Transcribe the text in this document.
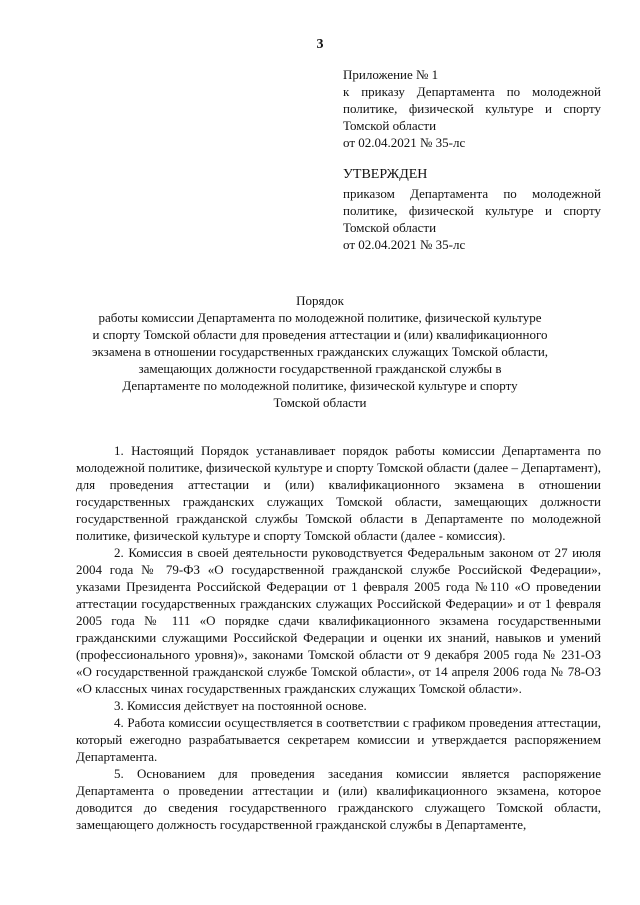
3
Приложение № 1
к приказу Департамента по молодежной
политике, физической культуре и спорту
Томской области
от 02.04.2021 № 35-лс
УТВЕРЖДЕН
приказом Департамента по молодежной
политике, физической культуре и спорту
Томской области
от 02.04.2021 № 35-лс
Порядок
работы комиссии Департамента по молодежной политике, физической культуре
и спорту Томской области для проведения аттестации и (или) квалификационного
экзамена в отношении государственных гражданских служащих Томской области,
замещающих должности государственной гражданской службы в
Департаменте по молодежной политике, физической культуре и спорту
Томской области

1. Настоящий Порядок устанавливает порядок работы комиссии Департамента по молодежной политике, физической культуре и спорту Томской области (далее – Департамент), для проведения аттестации и (или) квалификационного экзамена в отношении государственных гражданских служащих Томской области, замещающих должности государственной гражданской службы Томской области в Департаменте по молодежной политике, физической культуре и спорту Томской области (далее - комиссия).

2. Комиссия в своей деятельности руководствуется Федеральным законом от 27 июля 2004 года № 79-ФЗ «О государственной гражданской службе Российской Федерации», указами Президента Российской Федерации от 1 февраля 2005 года №110 «О проведении аттестации государственных гражданских служащих Российской Федерации» и от 1 февраля 2005 года № 111 «О порядке сдачи квалификационного экзамена государственными гражданскими служащими Российской Федерации и оценки их знаний, навыков и умений (профессионального уровня)», законами Томской области от 9 декабря 2005 года № 231-ОЗ «О государственной гражданской службе Томской области», от 14 апреля 2006 года № 78-ОЗ «О классных чинах государственных гражданских служащих Томской области».

3. Комиссия действует на постоянной основе.

4. Работа комиссии осуществляется в соответствии с графиком проведения аттестации, который ежегодно разрабатывается секретарем комиссии и утверждается распоряжением Департамента.

5. Основанием для проведения заседания комиссии является распоряжение Департамента о проведении аттестации и (или) квалификационного экзамена, которое доводится до сведения государственного гражданского служащего Томской области, замещающего должность государственной гражданской службы в Департаменте,
